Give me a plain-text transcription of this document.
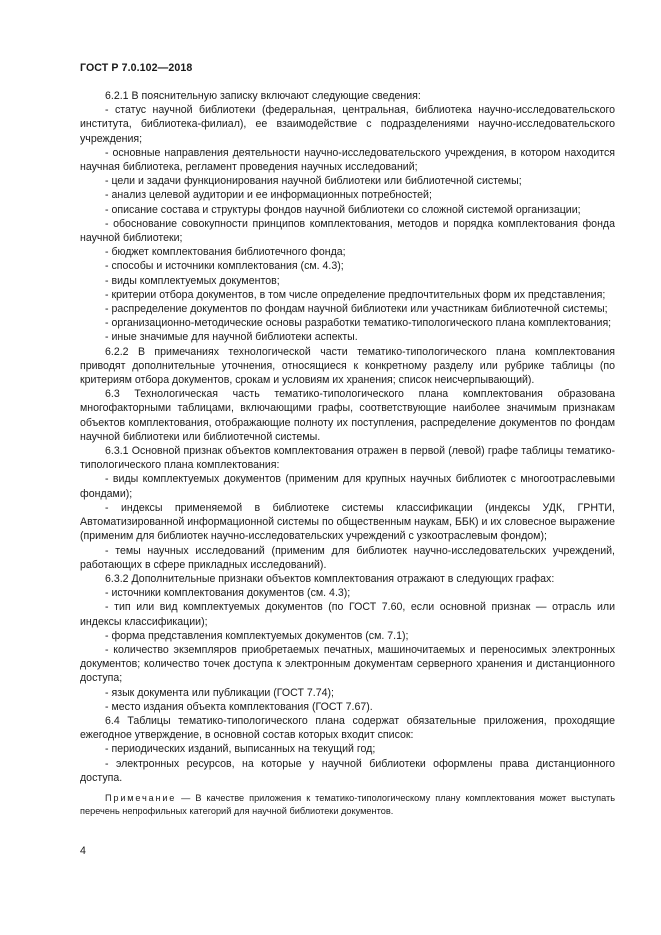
ГОСТ Р 7.0.102—2018

6.2.1 В пояснительную записку включают следующие сведения:

- статус научной библиотеки (федеральная, центральная, библиотека научно-исследовательского института, библиотека-филиал), ее взаимодействие с подразделениями научно-исследовательского учреждения;

- основные направления деятельности научно-исследовательского учреждения, в котором находится научная библиотека, регламент проведения научных исследований;

- цели и задачи функционирования научной библиотеки или библиотечной системы;

- анализ целевой аудитории и ее информационных потребностей;

- описание состава и структуры фондов научной библиотеки со сложной системой организации;

- обоснование совокупности принципов комплектования, методов и порядка комплектования фонда научной библиотеки;

- бюджет комплектования библиотечного фонда;

- способы и источники комплектования (см. 4.3);

- виды комплектуемых документов;

- критерии отбора документов, в том числе определение предпочтительных форм их представления;

- распределение документов по фондам научной библиотеки или участникам библиотечной системы;

- организационно-методические основы разработки тематико-типологического плана комплектования;

- иные значимые для научной библиотеки аспекты.

6.2.2 В примечаниях технологической части тематико-типологического плана комплектования приводят дополнительные уточнения, относящиеся к конкретному разделу или рубрике таблицы (по критериям отбора документов, срокам и условиям их хранения; список неисчерпывающий).

6.3 Технологическая часть тематико-типологического плана комплектования образована многофакторными таблицами, включающими графы, соответствующие наиболее значимым признакам объектов комплектования, отображающие полноту их поступления, распределение документов по фондам научной библиотеки или библиотечной системы.

6.3.1 Основной признак объектов комплектования отражен в первой (левой) графе таблицы тематико-типологического плана комплектования:

- виды комплектуемых документов (применим для крупных научных библиотек с многоотраслевыми фондами);

- индексы применяемой в библиотеке системы классификации (индексы УДК, ГРНТИ, Автоматизированной информационной системы по общественным наукам, ББК) и их словесное выражение (применим для библиотек научно-исследовательских учреждений с узкоотраслевым фондом);

- темы научных исследований (применим для библиотек научно-исследовательских учреждений, работающих в сфере прикладных исследований).

6.3.2 Дополнительные признаки объектов комплектования отражают в следующих графах:

- источники комплектования документов (см. 4.3);

- тип или вид комплектуемых документов (по ГОСТ 7.60, если основной признак — отрасль или индексы классификации);

- форма представления комплектуемых документов (см. 7.1);

- количество экземпляров приобретаемых печатных, машиночитаемых и переносимых электронных документов; количество точек доступа к электронным документам серверного хранения и дистанционного доступа;

- язык документа или публикации (ГОСТ 7.74);

- место издания объекта комплектования (ГОСТ 7.67).

6.4 Таблицы тематико-типологического плана содержат обязательные приложения, проходящие ежегодное утверждение, в основной состав которых входит список:

- периодических изданий, выписанных на текущий год;

- электронных ресурсов, на которые у научной библиотеки оформлены права дистанционного доступа.

Примечание — В качестве приложения к тематико-типологическому плану комплектования может выступать перечень непрофильных категорий для научной библиотеки документов.

4
